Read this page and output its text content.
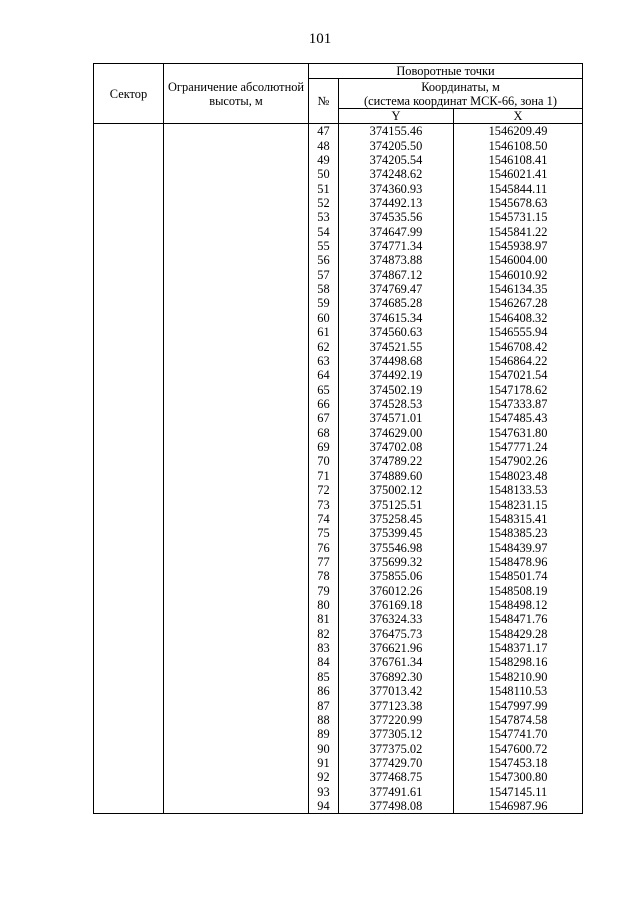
101
Сектор	Ограничение абсолютной высоты, м	Поворотные точки		
		№	Координаты, м
(система координат МСК-66, зона 1)	

			Y	X
		47	374155.46	1546209.49
		48	374205.50	1546108.50
		49	374205.54	1546108.41
		50	374248.62	1546021.41
		51	374360.93	1545844.11
		52	374492.13	1545678.63
		53	374535.56	1545731.15
		54	374647.99	1545841.22
		55	374771.34	1545938.97
		56	374873.88	1546004.00
		57	374867.12	1546010.92
		58	374769.47	1546134.35
		59	374685.28	1546267.28
		60	374615.34	1546408.32
		61	374560.63	1546555.94
		62	374521.55	1546708.42
		63	374498.68	1546864.22
		64	374492.19	1547021.54
		65	374502.19	1547178.62
		66	374528.53	1547333.87
		67	374571.01	1547485.43
		68	374629.00	1547631.80
		69	374702.08	1547771.24
		70	374789.22	1547902.26
		71	374889.60	1548023.48
		72	375002.12	1548133.53
		73	375125.51	1548231.15
		74	375258.45	1548315.41
		75	375399.45	1548385.23
		76	375546.98	1548439.97
		77	375699.32	1548478.96
		78	375855.06	1548501.74
		79	376012.26	1548508.19
		80	376169.18	1548498.12
		81	376324.33	1548471.76
		82	376475.73	1548429.28
		83	376621.96	1548371.17
		84	376761.34	1548298.16
		85	376892.30	1548210.90
		86	377013.42	1548110.53
		87	377123.38	1547997.99
		88	377220.99	1547874.58
		89	377305.12	1547741.70
		90	377375.02	1547600.72
		91	377429.70	1547453.18
		92	377468.75	1547300.80
		93	377491.61	1547145.11
		94	377498.08	1546987.96
